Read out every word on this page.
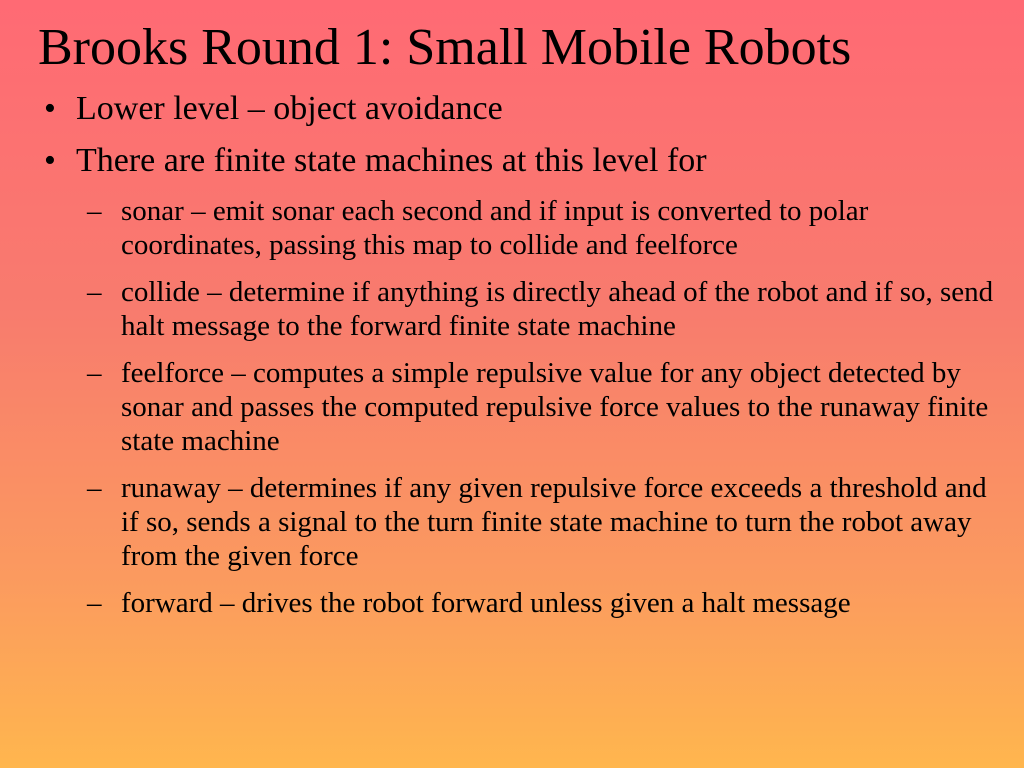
Brooks Round 1: Small Mobile Robots
• Lower level – object avoidance
• There are finite state machines at this level for
– sonar – emit sonar each second and if input is converted to polar coordinates, passing this map to collide and feelforce
– collide – determine if anything is directly ahead of the robot and if so, send halt message to the forward finite state machine
– feelforce – computes a simple repulsive value for any object detected by sonar and passes the computed repulsive force values to the runaway finite state machine
– runaway – determines if any given repulsive force exceeds a threshold and if so, sends a signal to the turn finite state machine to turn the robot away from the given force
– forward – drives the robot forward unless given a halt message
